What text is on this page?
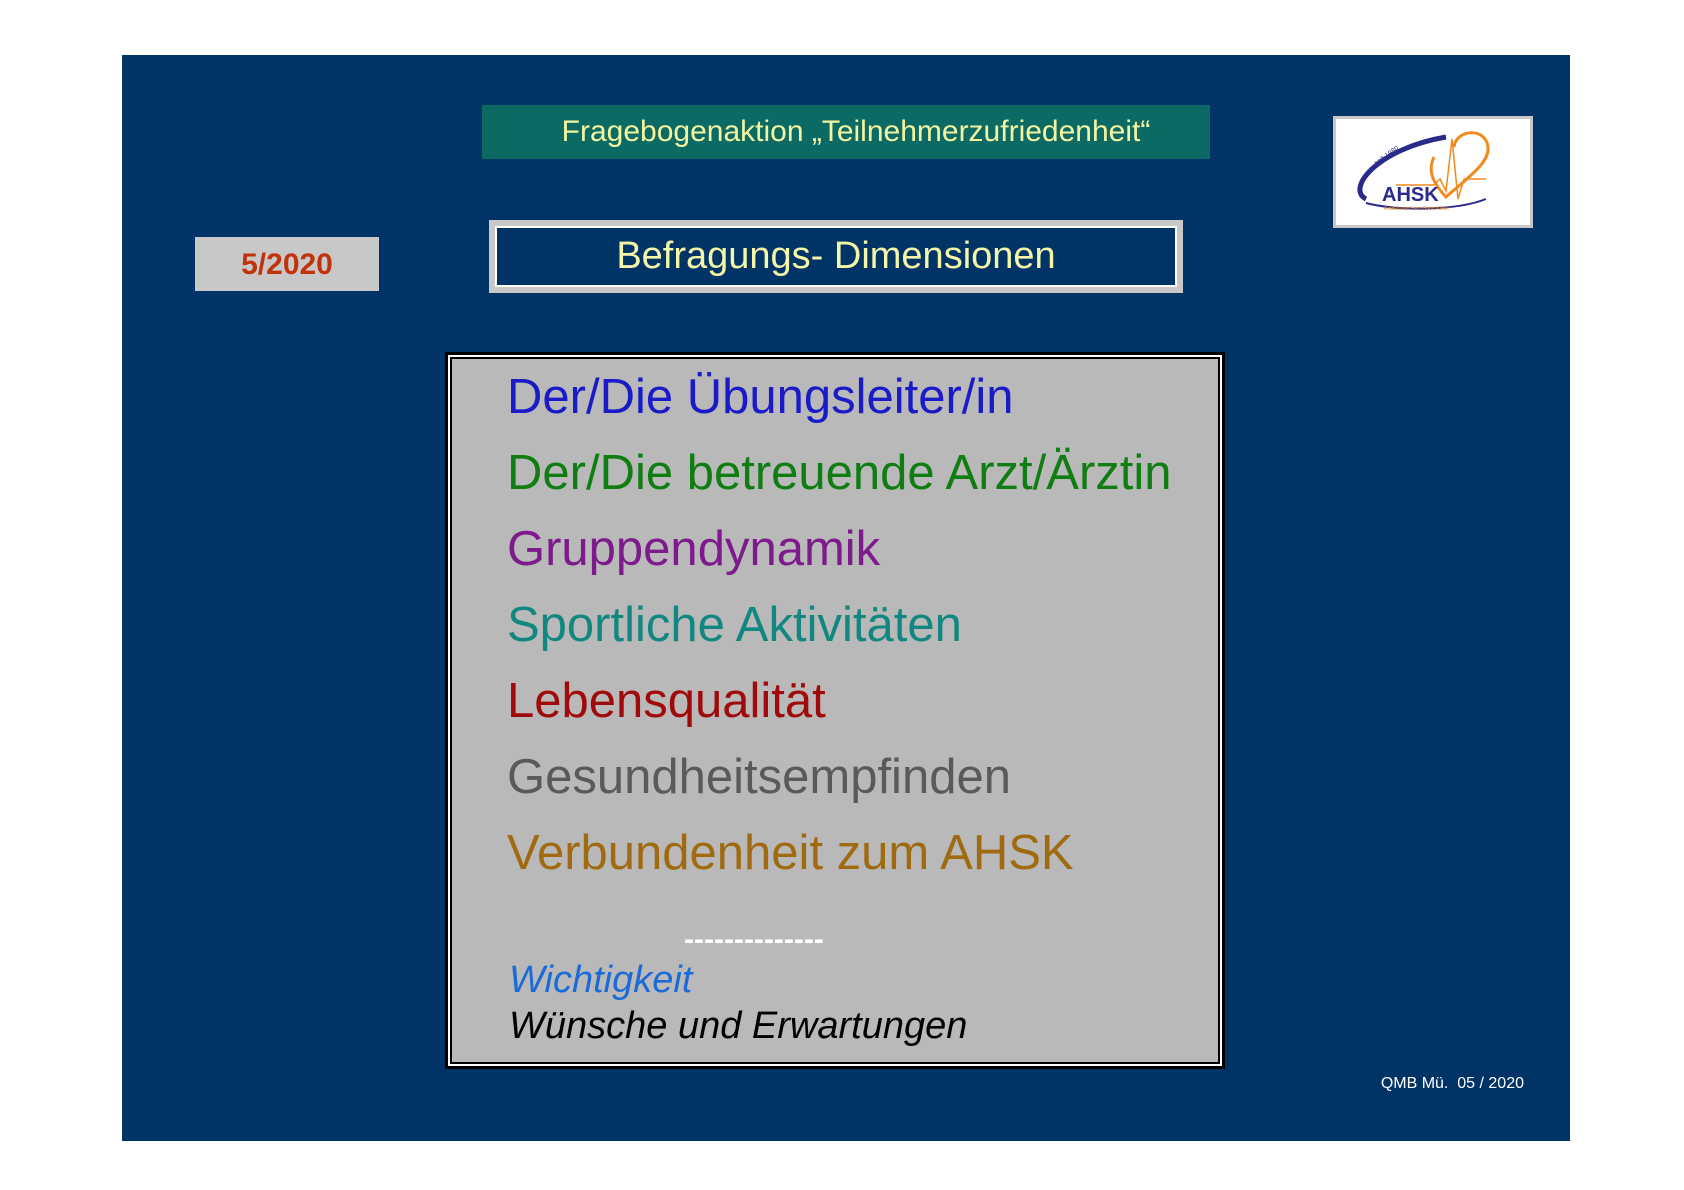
Fragebogenaktion „Teilnehmerzufriedenheit“
seit 1980
AHSK
Ambulanter Herz-Sport Kleve
5/2020	Befragungs- Dimensionen
Der/Die Übungsleiter/in
Der/Die betreuende Arzt/Ärztin
Gruppendynamik
Sportliche Aktivitäten
Lebensqualität
Gesundheitsempfinden
Verbundenheit zum AHSK
--------------
Wichtigkeit
Wünsche und Erwartungen
QMB Mü.  05 / 2020
